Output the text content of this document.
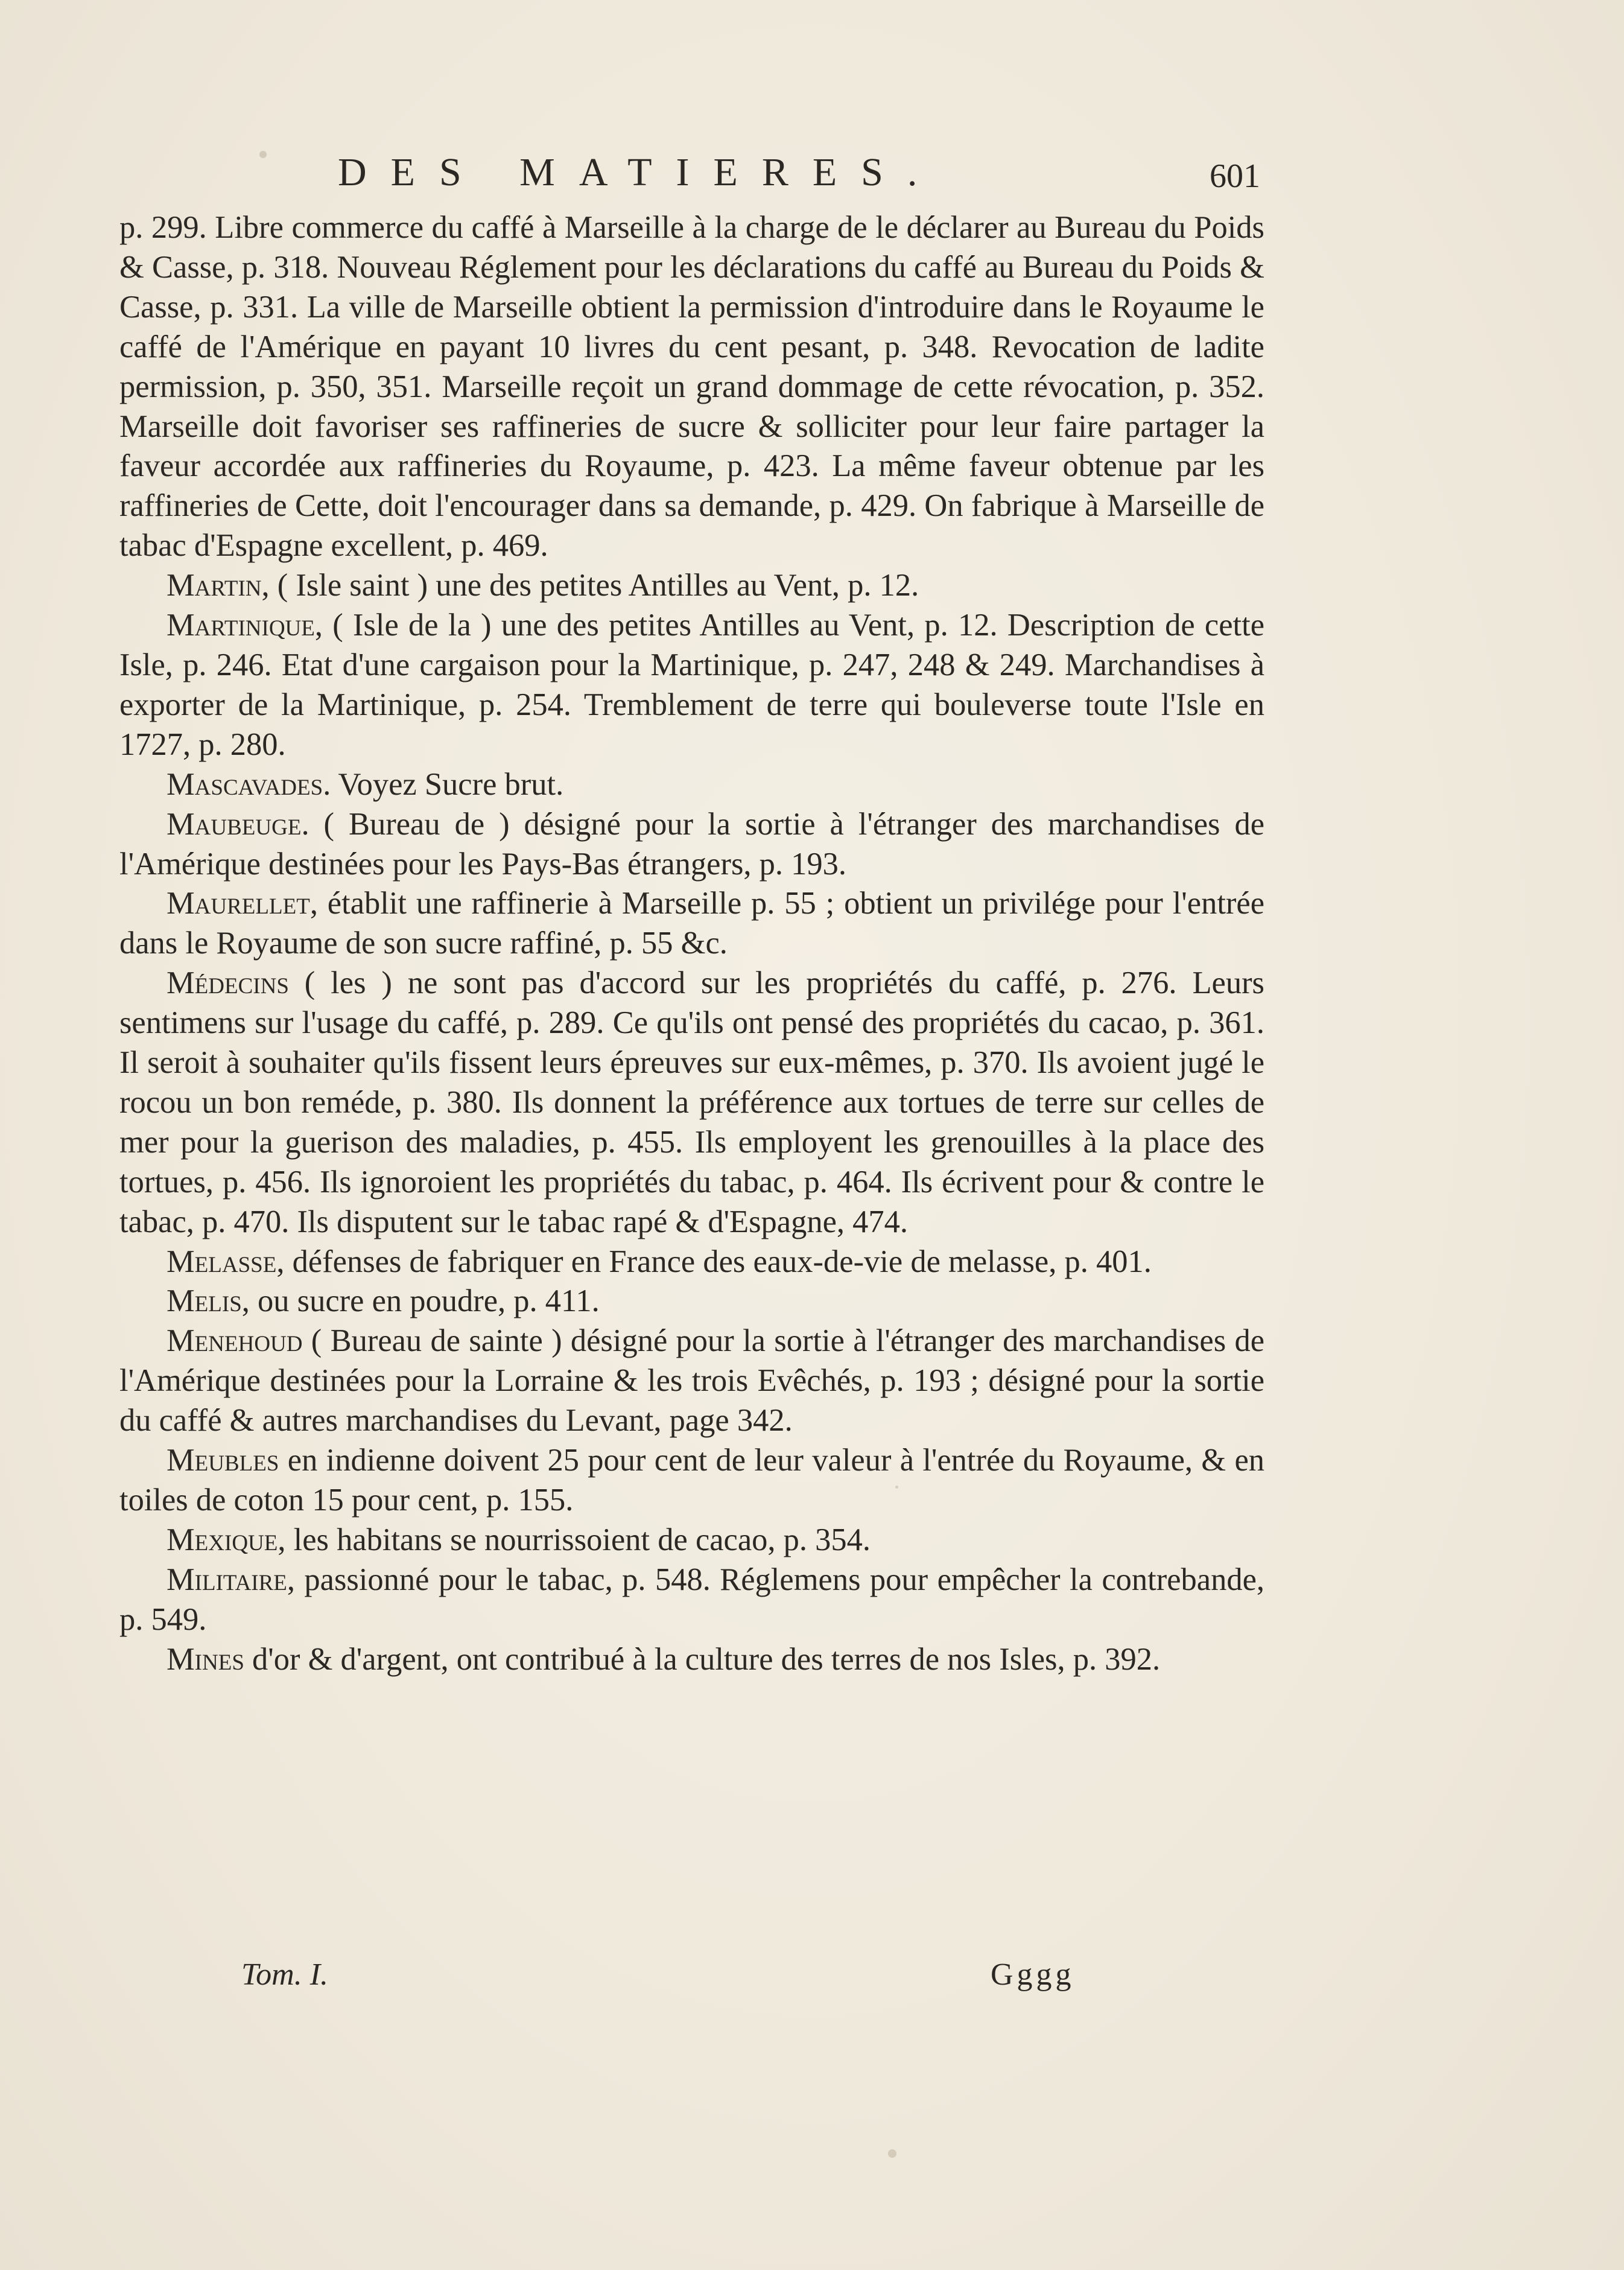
DES MATIERES.	601

p. 299. Libre commerce du caffé à Marseille à la charge de le déclarer au Bureau du Poids & Casse, p. 318. Nouveau Réglement pour les déclarations du caffé au Bureau du Poids & Casse, p. 331. La ville de Marseille obtient la permission d'introduire dans le Royaume le caffé de l'Amérique en payant 10 livres du cent pesant, p. 348. Revocation de ladite permission, p. 350, 351. Marseille reçoit un grand dommage de cette révocation, p. 352. Marseille doit favoriser ses raffineries de sucre & solliciter pour leur faire partager la faveur accordée aux raffineries du Royaume, p. 423. La même faveur obtenue par les raffineries de Cette, doit l'encourager dans sa demande, p. 429. On fabrique à Marseille de tabac d'Espagne excellent, p. 469.

Martin, ( Isle saint ) une des petites Antilles au Vent, p. 12.

Martinique, ( Isle de la ) une des petites Antilles au Vent, p. 12. Description de cette Isle, p. 246. Etat d'une cargaison pour la Martinique, p. 247, 248 & 249. Marchandises à exporter de la Martinique, p. 254. Tremblement de terre qui bouleverse toute l'Isle en 1727, p. 280.

Mascavades. Voyez Sucre brut.

Maubeuge. ( Bureau de ) désigné pour la sortie à l'étranger des marchandises de l'Amérique destinées pour les Pays-Bas étrangers, p. 193.

Maurellet, établit une raffinerie à Marseille p. 55 ; obtient un privilége pour l'entrée dans le Royaume de son sucre raffiné, p. 55 &c.

Médecins ( les ) ne sont pas d'accord sur les propriétés du caffé, p. 276. Leurs sentimens sur l'usage du caffé, p. 289. Ce qu'ils ont pensé des propriétés du cacao, p. 361. Il seroit à souhaiter qu'ils fissent leurs épreuves sur eux-mêmes, p. 370. Ils avoient jugé le rocou un bon reméde, p. 380. Ils donnent la préférence aux tortues de terre sur celles de mer pour la guerison des maladies, p. 455. Ils employent les grenouilles à la place des tortues, p. 456. Ils ignoroient les propriétés du tabac, p. 464. Ils écrivent pour & contre le tabac, p. 470. Ils disputent sur le tabac rapé & d'Espagne, 474.

Melasse, défenses de fabriquer en France des eaux-de-vie de melasse, p. 401.

Melis, ou sucre en poudre, p. 411.

Menehoud ( Bureau de sainte ) désigné pour la sortie à l'étranger des marchandises de l'Amérique destinées pour la Lorraine & les trois Evêchés, p. 193 ; désigné pour la sortie du caffé & autres marchandises du Levant, page 342.

Meubles en indienne doivent 25 pour cent de leur valeur à l'entrée du Royaume, & en toiles de coton 15 pour cent, p. 155.

Mexique, les habitans se nourrissoient de cacao, p. 354.

Militaire, passionné pour le tabac, p. 548. Réglemens pour empêcher la contrebande, p. 549.

Mines d'or & d'argent, ont contribué à la culture des terres de nos Isles, p. 392.

Tom. I.	Gggg
